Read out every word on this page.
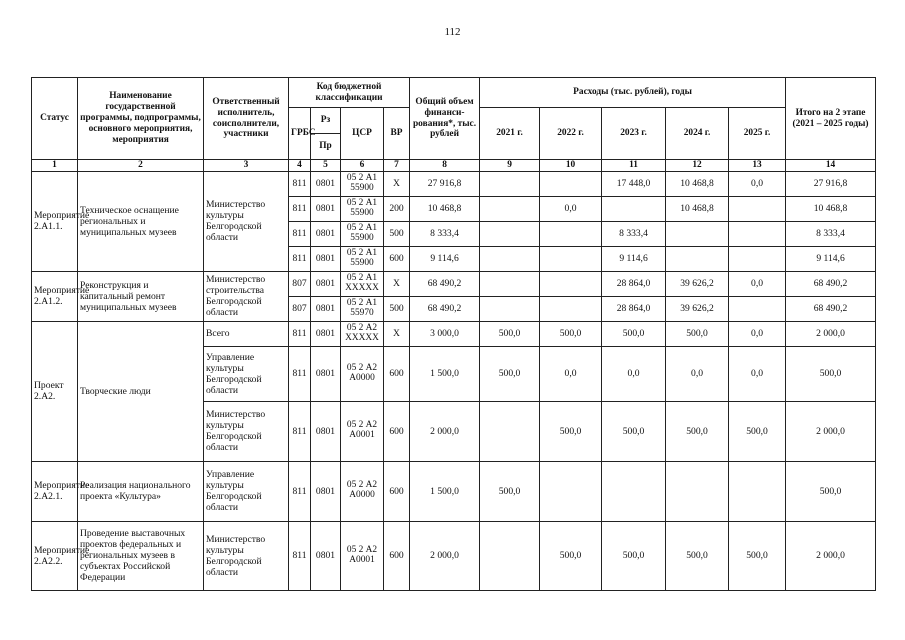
112
Статус	Наименование государственной программы, подпрограммы, основного мероприятия, мероприятия	Ответственный исполнитель, соисполнители, участники	Код бюджетной классификации				Общий объем финанси-рования*, тыс. рублей	Расходы (тыс. рублей), годы					Итого на 2 этапе (2021 – 2025 годы)
			ГРБС	Рз	ЦСР	ВР		2021 г.	2022 г.	2023 г.	2024 г.	2025 г.	
				Пр									
1	2	3	4	5	6	7	8	9	10	11	12	13	14
Мероприятие 2.А1.1.	Техническое оснащение региональных и муниципальных музеев	Министерство культуры Белгородской области	811	0801	05 2 А1 55900	Х	27 916,8			17 448,0	10 468,8	0,0	27 916,8
			811	0801	05 2 А1 55900	200	10 468,8		0,0		10 468,8		10 468,8
			811	0801	05 2 А1 55900	500	8 333,4			8 333,4			8 333,4
			811	0801	05 2 А1 55900	600	9 114,6			9 114,6			9 114,6
Мероприятие 2.А1.2.	Реконструкция и капитальный ремонт муниципальных музеев	Министерство строительства Белгородской области	807	0801	05 2 А1 ХХХХХ	Х	68 490,2			28 864,0	39 626,2	0,0	68 490,2
			807	0801	05 2 А1 55970	500	68 490,2			28 864,0	39 626,2		68 490,2
Проект 2.А2.	Творческие люди	Всего	811	0801	05 2 А2 ХХХХХ	Х	3 000,0	500,0	500,0	500,0	500,0	0,0	2 000,0
		Управление культуры Белгородской области	811	0801	05 2 А2 А0000	600	1 500,0	500,0	0,0	0,0	0,0	0,0	500,0
		Министерство культуры Белгородской области	811	0801	05 2 А2 А0001	600	2 000,0		500,0	500,0	500,0	500,0	2 000,0
Мероприятие 2.А2.1.	Реализация национального проекта «Культура»	Управление культуры Белгородской области	811	0801	05 2 А2 А0000	600	1 500,0	500,0					500,0
Мероприятие 2.А2.2.	Проведение выставочных проектов федеральных и региональных музеев в субъектах Российской Федерации	Министерство культуры Белгородской области	811	0801	05 2 А2 А0001	600	2 000,0		500,0	500,0	500,0	500,0	2 000,0
